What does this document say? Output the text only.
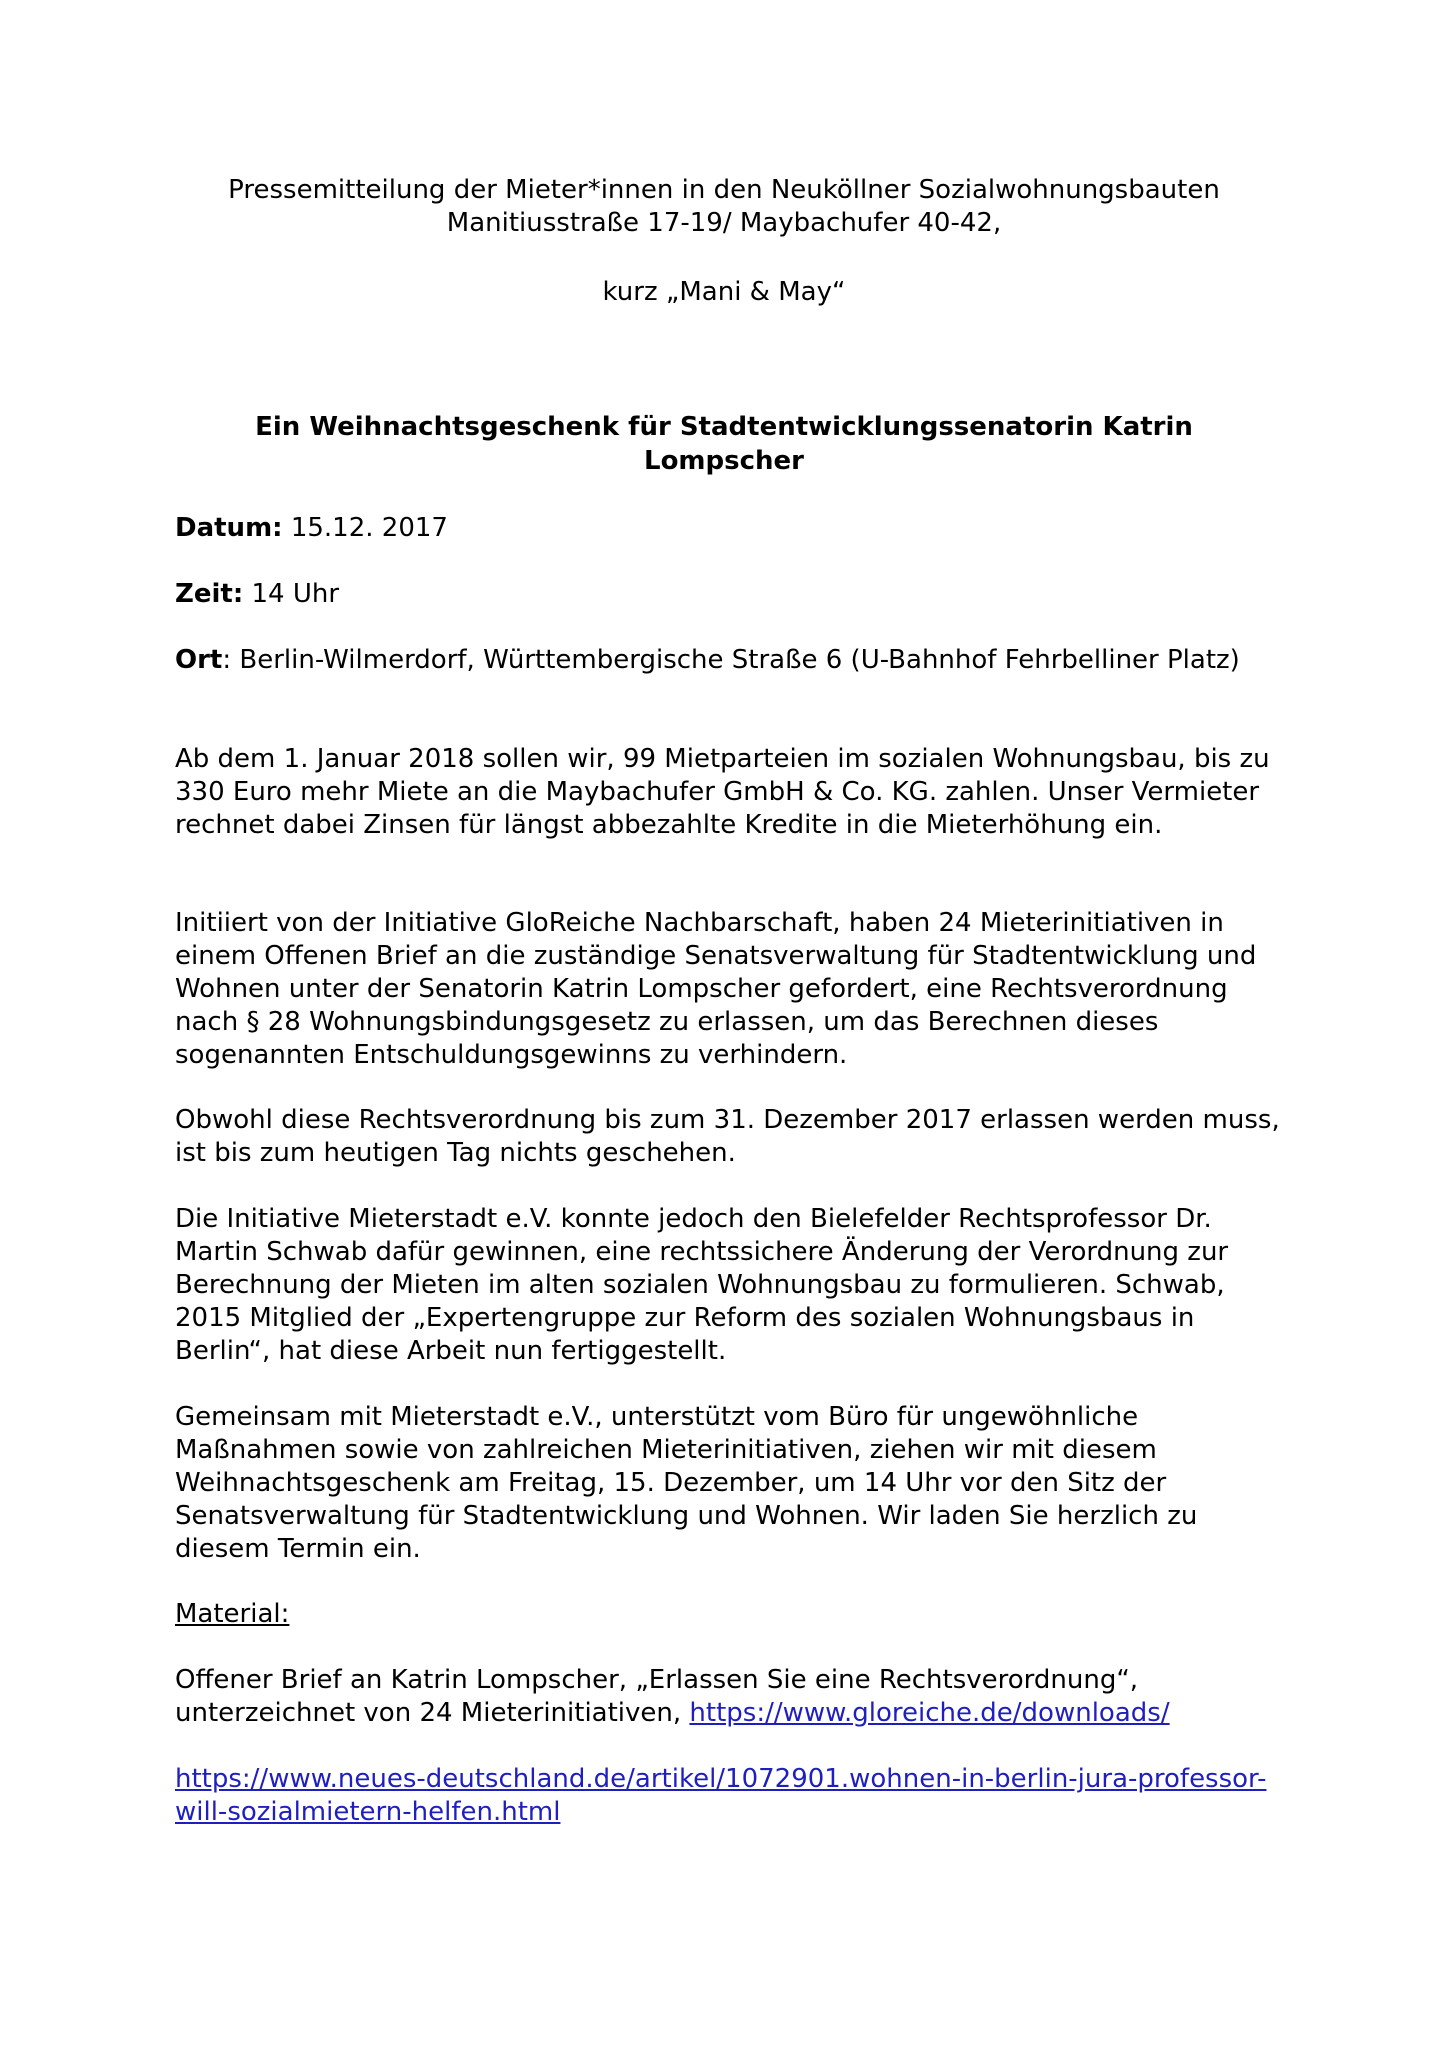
Pressemitteilung der Mieter*innen in den Neuköllner Sozialwohnungsbauten
Manitiusstraße 17-19/ Maybachufer 40-42,
kurz „Mani & May“
Ein Weihnachtsgeschenk für Stadtentwicklungssenatorin Katrin
Lompscher

Datum: 15.12. 2017

Zeit: 14 Uhr

Ort: Berlin-Wilmerdorf, Württembergische Straße 6 (U-Bahnhof Fehrbelliner Platz)

Ab dem 1. Januar 2018 sollen wir, 99 Mietparteien im sozialen Wohnungsbau, bis zu 330 Euro mehr Miete an die Maybachufer GmbH & Co. KG. zahlen. Unser Vermieter rechnet dabei Zinsen für längst abbezahlte Kredite in die Mieterhöhung ein.

Initiiert von der Initiative GloReiche Nachbarschaft, haben 24 Mieterinitiativen in einem Offenen Brief an die zuständige Senatsverwaltung für Stadtentwicklung und Wohnen unter der Senatorin Katrin Lompscher gefordert, eine Rechtsverordnung nach § 28 Wohnungsbindungsgesetz zu erlassen, um das Berechnen dieses sogenannten Entschuldungsgewinns zu verhindern.

Obwohl diese Rechtsverordnung bis zum 31. Dezember 2017 erlassen werden muss, ist bis zum heutigen Tag nichts geschehen.

Die Initiative Mieterstadt e.V. konnte jedoch den Bielefelder Rechtsprofessor Dr. Martin Schwab dafür gewinnen, eine rechtssichere Änderung der Verordnung zur Berechnung der Mieten im alten sozialen Wohnungsbau zu formulieren. Schwab, 2015 Mitglied der „Expertengruppe zur Reform des sozialen Wohnungsbaus in Berlin“, hat diese Arbeit nun fertiggestellt.

Gemeinsam mit Mieterstadt e.V., unterstützt vom Büro für ungewöhnliche Maßnahmen sowie von zahlreichen Mieterinitiativen, ziehen wir mit diesem Weihnachtsgeschenk am Freitag, 15. Dezember, um 14 Uhr vor den Sitz der Senatsverwaltung für Stadtentwicklung und Wohnen. Wir laden Sie herzlich zu diesem Termin ein.

Material:

Offener Brief an Katrin Lompscher, „Erlassen Sie eine Rechtsverordnung“, unterzeichnet von 24 Mieterinitiativen, https://www.gloreiche.de/downloads/

https://www.neues-deutschland.de/artikel/1072901.wohnen-in-berlin-jura-professor-will-sozialmietern-helfen.html
